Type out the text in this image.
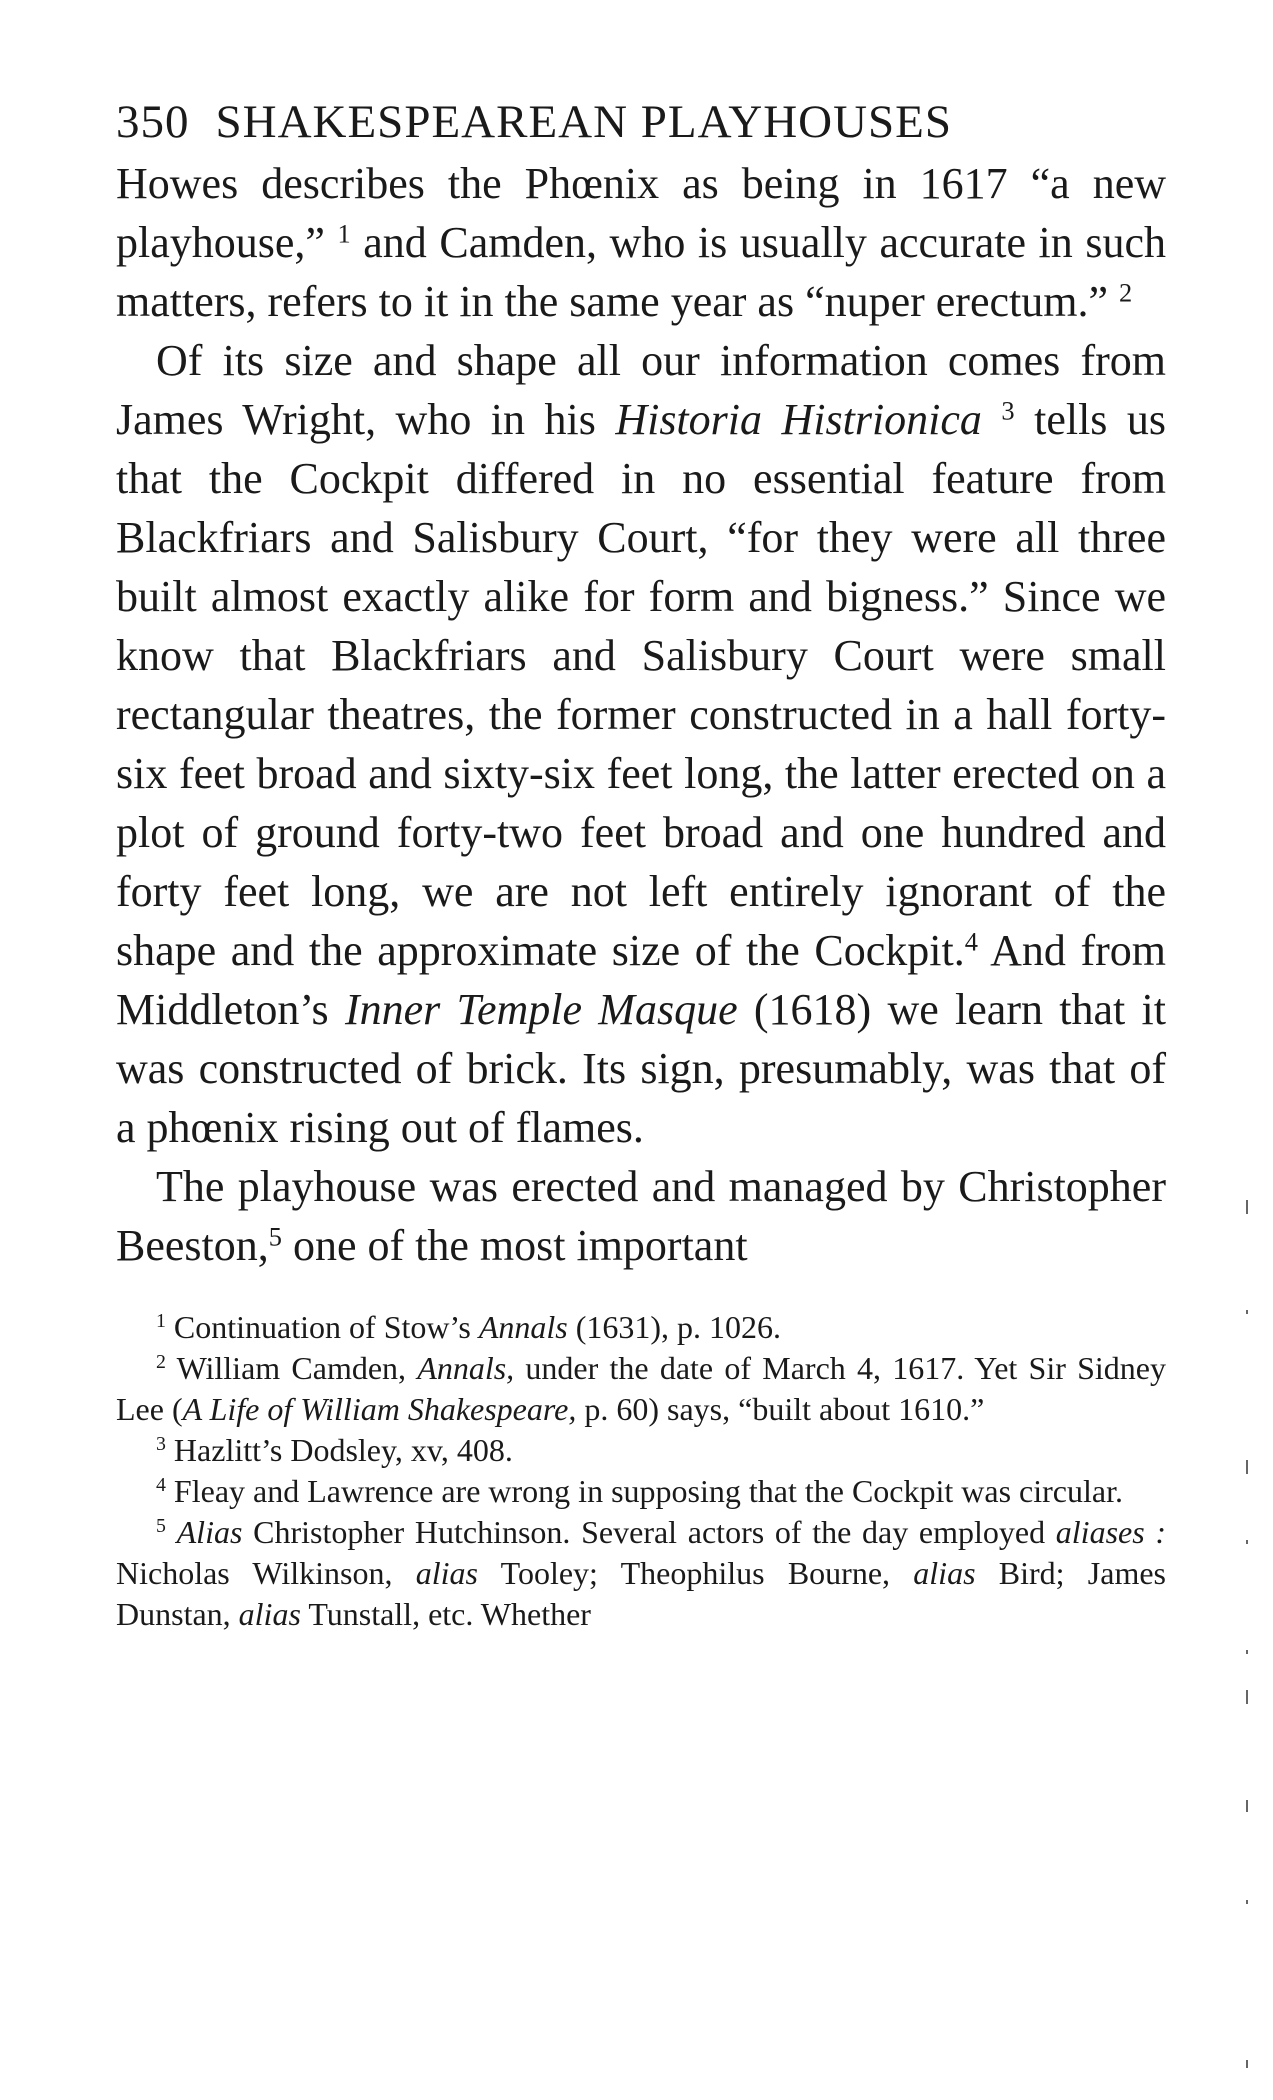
350 SHAKESPEAREAN PLAYHOUSES

Howes describes the Phœnix as being in 1617 “a new playhouse,” $^1$ and Camden, who is usually accurate in such matters, refers to it in the same year as “nuper erectum.” $^2$

Of its size and shape all our information comes from James Wright, who in his Historia Histrionica $^3$ tells us that the Cockpit differed in no essential feature from Blackfriars and Salisbury Court, “for they were all three built almost exactly alike for form and bigness.” Since we know that Blackfriars and Salisbury Court were small rectangular theatres, the former constructed in a hall forty-six feet broad and sixty-six feet long, the latter erected on a plot of ground forty-two feet broad and one hundred and forty feet long, we are not left entirely ignorant of the shape and the approximate size of the Cockpit.$^4$ And from Middleton’s Inner Temple Masque (1618) we learn that it was constructed of brick. Its sign, presumably, was that of a phœnix rising out of flames.

The playhouse was erected and managed by Christopher Beeston,$^5$ one of the most important

$^1$ Continuation of Stow’s Annals (1631), p. 1026.

$^2$ William Camden, Annals, under the date of March 4, 1617. Yet Sir Sidney Lee (A Life of William Shakespeare, p. 60) says, “built about 1610.”

$^3$ Hazlitt’s Dodsley, xv, 408.

$^4$ Fleay and Lawrence are wrong in supposing that the Cockpit was circular.

$^5$ Alias Christopher Hutchinson. Several actors of the day employed aliases : Nicholas Wilkinson, alias Tooley; Theophilus Bourne, alias Bird; James Dunstan, alias Tunstall, etc. Whether
